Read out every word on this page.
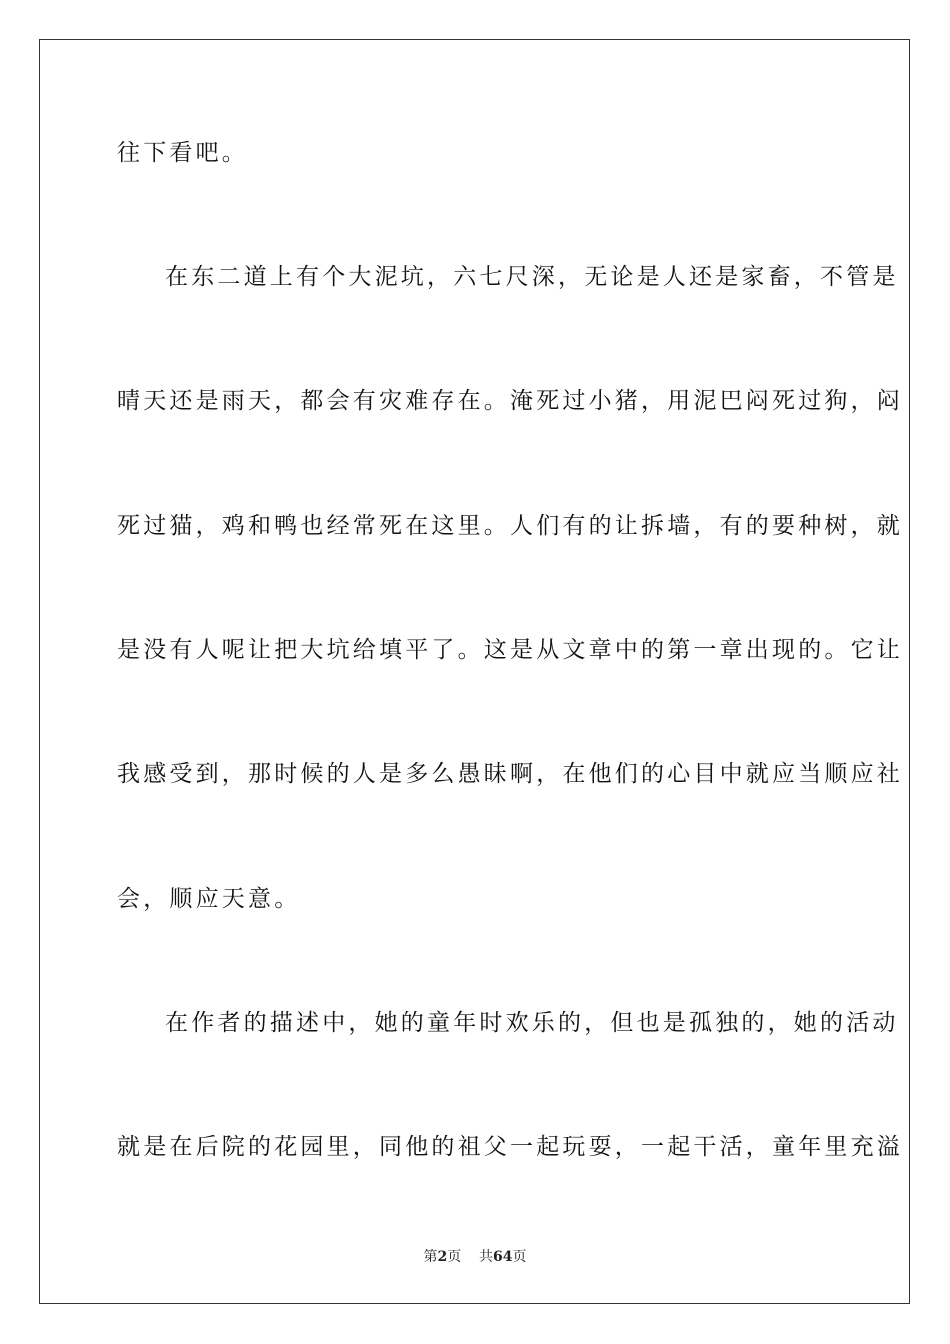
往下看吧。
在东二道上有个大泥坑，六七尺深，无论是人还是家畜，不管是
晴天还是雨天，都会有灾难存在。淹死过小猪，用泥巴闷死过狗，闷
死过猫，鸡和鸭也经常死在这里。人们有的让拆墙，有的要种树，就
是没有人呢让把大坑给填平了。这是从文章中的第一章出现的。它让
我感受到，那时候的人是多么愚昧啊，在他们的心目中就应当顺应社
会，顺应天意。
在作者的描述中，她的童年时欢乐的，但也是孤独的，她的活动
就是在后院的花园里，同他的祖父一起玩耍，一起干活，童年里充溢
第2页 共64页
